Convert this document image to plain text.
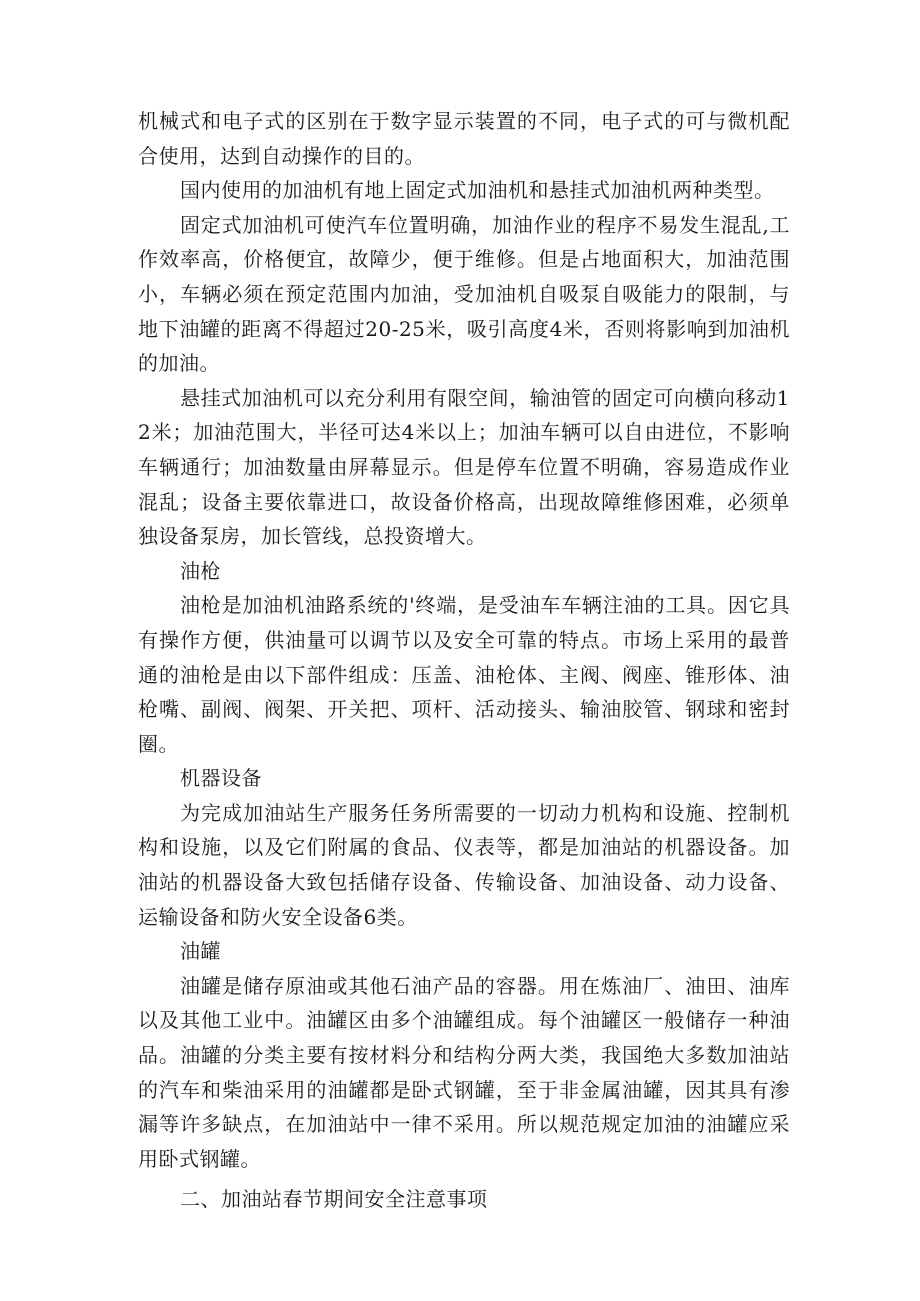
机械式和电子式的区别在于数字显示装置的不同，电子式的可与微机配合使用，达到自动操作的目的。

国内使用的加油机有地上固定式加油机和悬挂式加油机两种类型。

固定式加油机可使汽车位置明确，加油作业的程序不易发生混乱,工作效率高，价格便宜，故障少，便于维修。但是占地面积大，加油范围小，车辆必须在预定范围内加油，受加油机自吸泵自吸能力的限制，与地下油罐的距离不得超过20-25米，吸引高度4米，否则将影响到加油机的加油。

悬挂式加油机可以充分利用有限空间，输油管的固定可向横向移动12米；加油范围大，半径可达4米以上；加油车辆可以自由进位，不影响车辆通行；加油数量由屏幕显示。但是停车位置不明确，容易造成作业混乱；设备主要依靠进口，故设备价格高，出现故障维修困难，必须单独设备泵房，加长管线，总投资增大。

油枪

油枪是加油机油路系统的'终端，是受油车车辆注油的工具。因它具有操作方便，供油量可以调节以及安全可靠的特点。市场上采用的最普通的油枪是由以下部件组成：压盖、油枪体、主阀、阀座、锥形体、油枪嘴、副阀、阀架、开关把、项杆、活动接头、输油胶管、钢球和密封圈。

机器设备

为完成加油站生产服务任务所需要的一切动力机构和设施、控制机构和设施，以及它们附属的食品、仪表等，都是加油站的机器设备。加油站的机器设备大致包括储存设备、传输设备、加油设备、动力设备、运输设备和防火安全设备6类。

油罐

油罐是储存原油或其他石油产品的容器。用在炼油厂、油田、油库以及其他工业中。油罐区由多个油罐组成。每个油罐区一般储存一种油品。油罐的分类主要有按材料分和结构分两大类，我国绝大多数加油站的汽车和柴油采用的油罐都是卧式钢罐，至于非金属油罐，因其具有渗漏等许多缺点，在加油站中一律不采用。所以规范规定加油的油罐应采用卧式钢罐。

二、加油站春节期间安全注意事项
